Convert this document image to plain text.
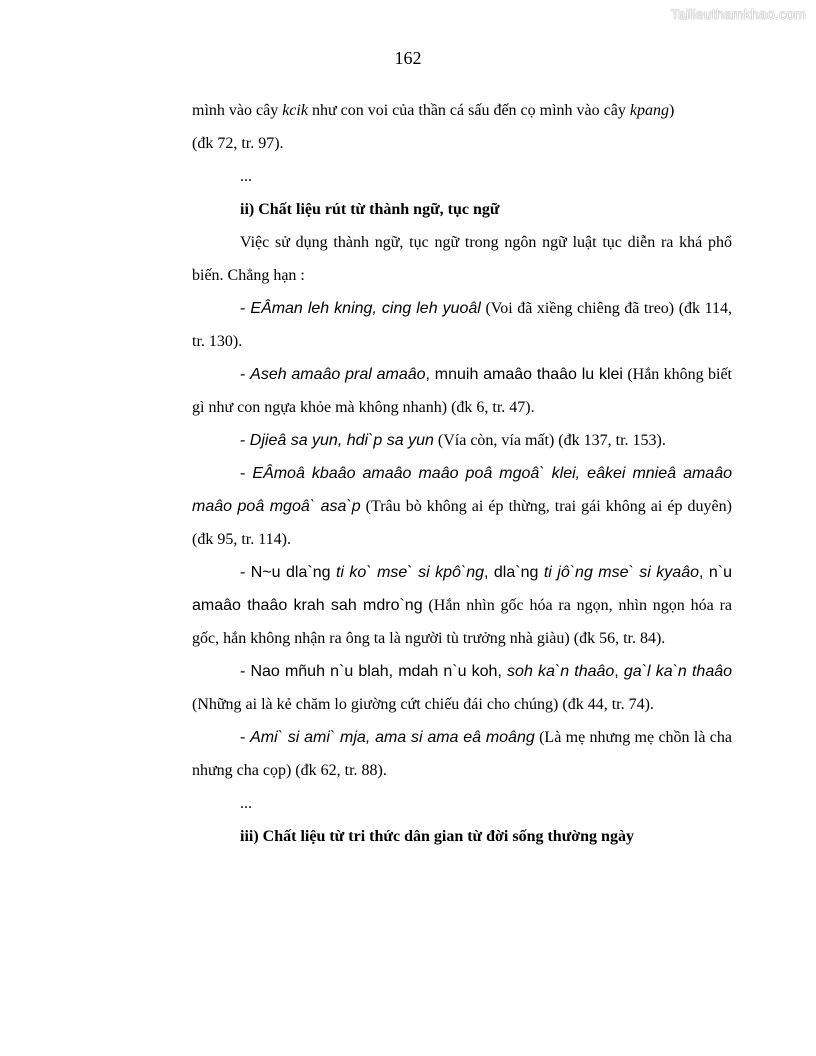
Tailieuthamkhao.com
162

mình vào cây kcik như con voi của thần cá sấu đến cọ mình vào cây kpang)
(đk 72, tr. 97).

...

ii) Chất liệu rút từ thành ngữ, tục ngữ

Việc sử dụng thành ngữ, tục ngữ trong ngôn ngữ luật tục diễn ra khá phổ biến. Chẳng hạn :

- EÂman leh kning, cing leh yuoâl (Voi đã xiềng chiêng đã treo) (đk 114, tr. 130).

- Aseh amaâo pral amaâo, mnuih amaâo thaâo lu klei (Hắn không biết gì như con ngựa khỏe mà không nhanh) (đk 6, tr. 47).

- Djieâ sa yun, hdi`p sa yun (Vía còn, vía mất) (đk 137, tr. 153).

- EÂmoâ kbaâo amaâo maâo poâ mgoâ` klei, eâkei mnieâ amaâo maâo poâ mgoâ` asa`p (Trâu bò không ai ép thừng, trai gái không ai ép duyên) (đk 95, tr. 114).

- N~u dla`ng ti ko` mse` si kpô`ng, dla`ng ti jô`ng mse` si kyaâo, n`u amaâo thaâo krah sah mdro`ng (Hắn nhìn gốc hóa ra ngọn, nhìn ngọn hóa ra gốc, hắn không nhận ra ông ta là người tù trưởng nhà giàu) (đk 56, tr. 84).

- Nao mñuh n`u blah, mdah n`u koh, soh ka`n thaâo, ga`l ka`n thaâo (Những ai là kẻ chăm lo giường cứt chiếu đái cho chúng) (đk 44, tr. 74).

- Ami` si ami` mja, ama si ama eâ moâng (Là mẹ nhưng mẹ chồn là cha nhưng cha cọp) (đk 62, tr. 88).

...

iii) Chất liệu từ tri thức dân gian từ đời sống thường ngày
